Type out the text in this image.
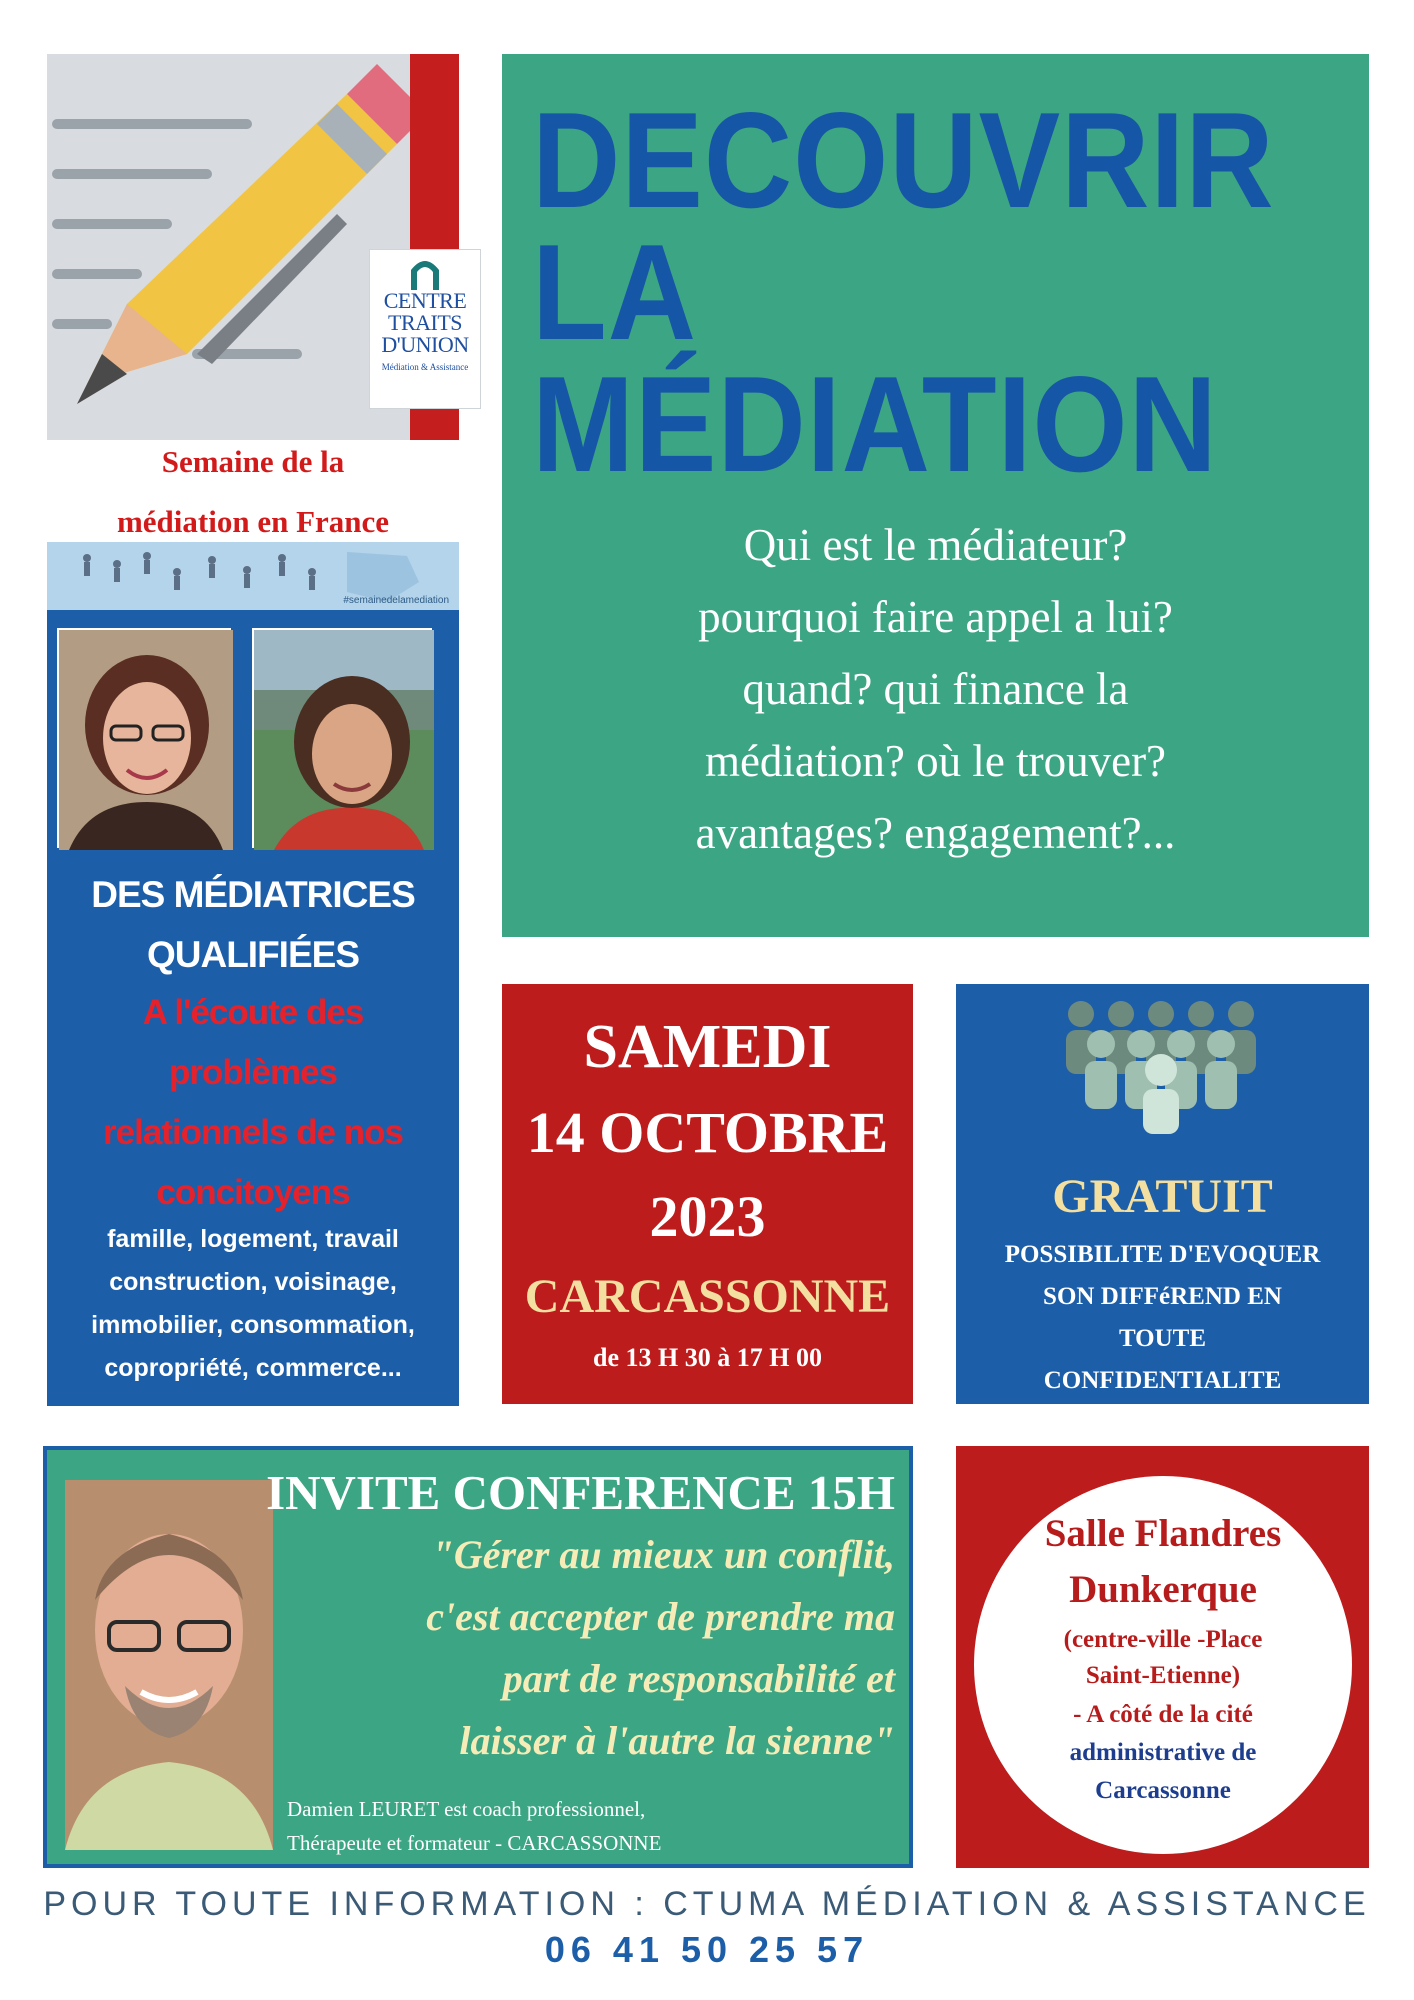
CENTRE
TRAITS
D'UNION
Médiation & Assistance
Semaine de la
médiation en France
#semainedelamediation
DES MÉDIATRICES
QUALIFIÉES
A l'écoute des
problèmes
relationnels de nos
concitoyens
famille, logement, travail
construction, voisinage,
immobilier, consommation,
copropriété, commerce...
DECOUVRIR
LA
MÉDIATION
Qui est le médiateur?
pourquoi faire appel a lui?
quand? qui finance la
médiation? où le trouver?
avantages? engagement?...
SAMEDI
14 OCTOBRE
2023
CARCASSONNE
de 13 H 30 à 17 H 00
GRATUIT
POSSIBILITE D'EVOQUER
SON DIFFéREND EN
TOUTE
CONFIDENTIALITE
INVITE CONFERENCE 15H
"Gérer au mieux un conflit,
c'est accepter de prendre ma
part de responsabilité et
laisser à l'autre la sienne"
Damien LEURET est coach professionnel,
Thérapeute et formateur - CARCASSONNE
Salle Flandres
Dunkerque
(centre-ville -Place
Saint-Etienne)
- A côté de la cité
administrative de
Carcassonne
POUR TOUTE INFORMATION : CTUMA MÉDIATION & ASSISTANCE
06 41 50 25 57
